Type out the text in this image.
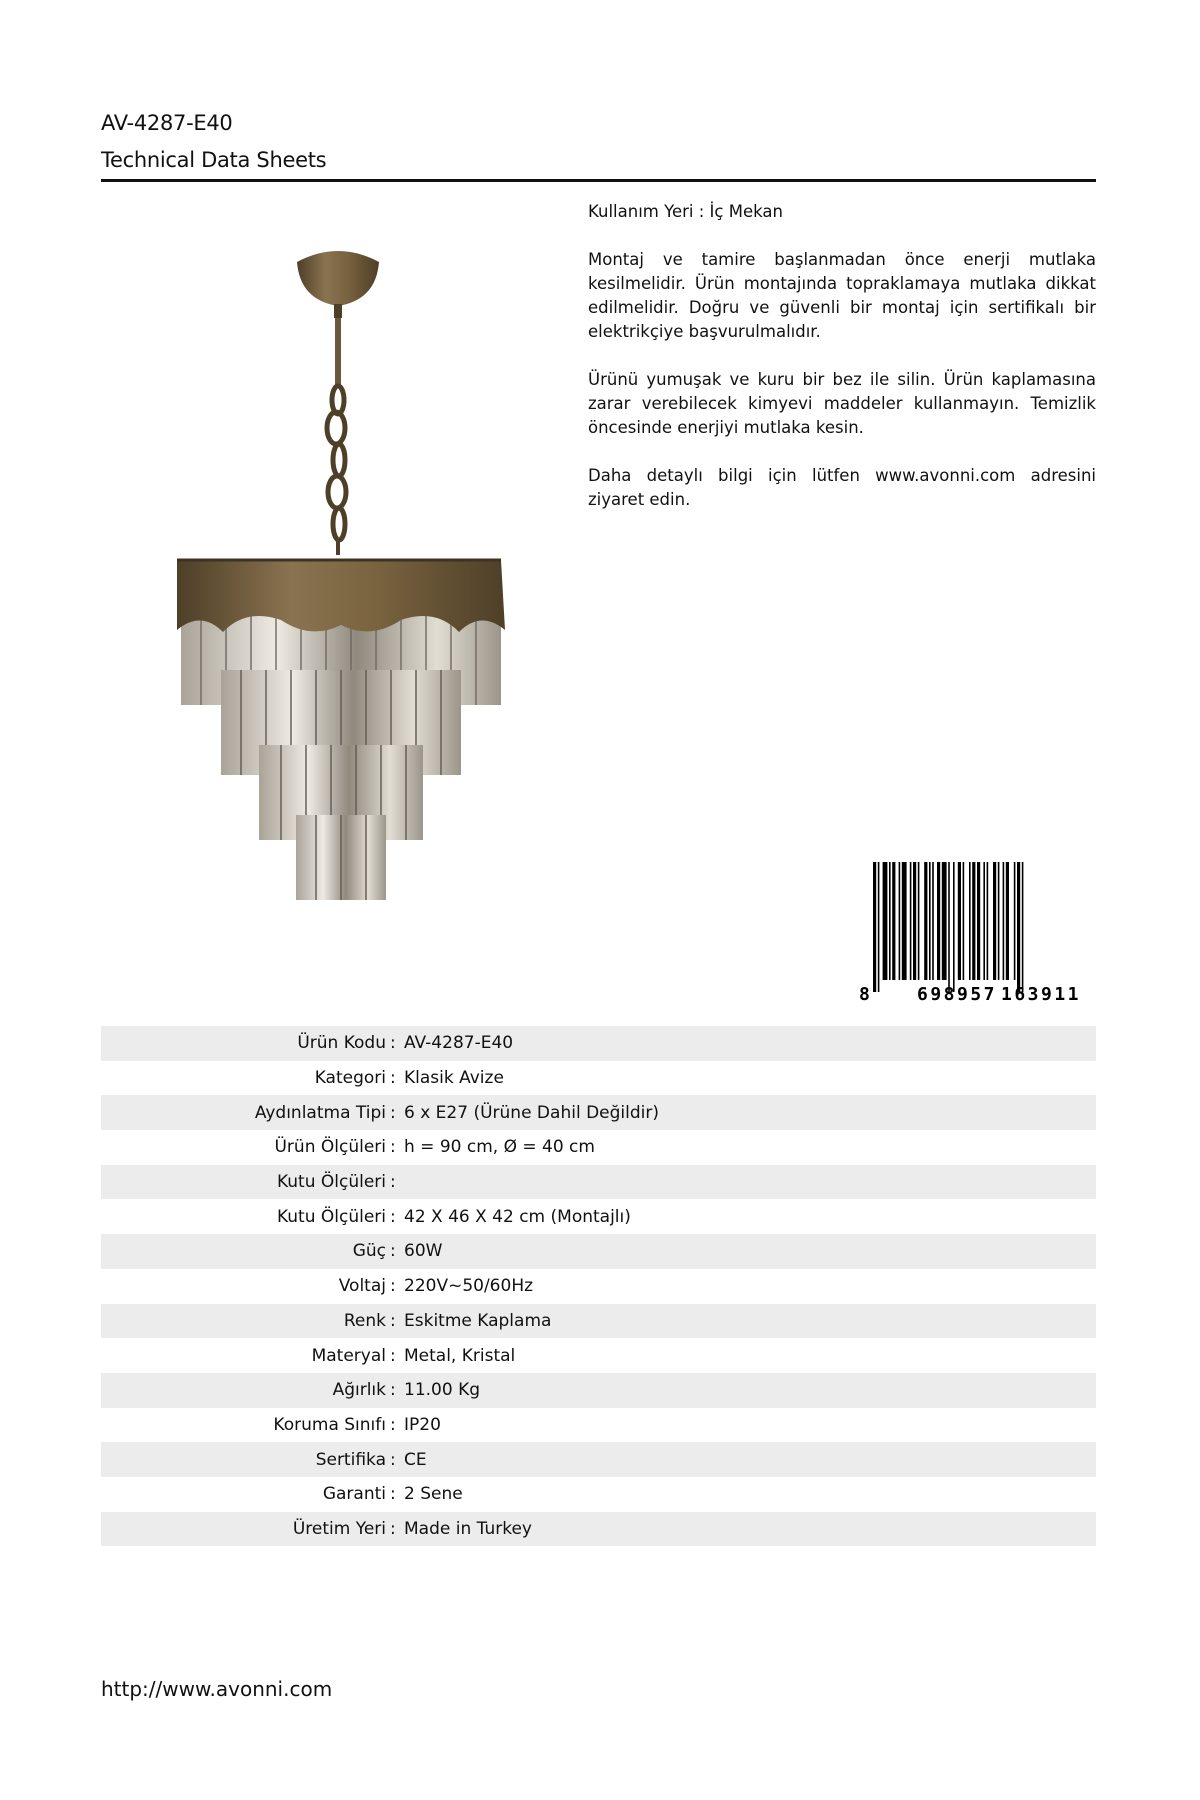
AV-4287-E40
Technical Data Sheets

Kullanım Yeri : İç Mekan

Montaj ve tamire başlanmadan önce enerji mutlaka kesilmelidir. Ürün montajında topraklamaya mutlaka dikkat edilmelidir. Doğru ve güvenli bir montaj için sertifikalı bir elektrikçiye başvurulmalıdır.

Ürünü yumuşak ve kuru bir bez ile silin. Ürün kaplamasına zarar verebilecek kimyevi maddeler kullanmayın. Temizlik öncesinde enerjiyi mutlaka kesin.

Daha detaylı bilgi için lütfen www.avonni.com adresini ziyaret edin.

8 698957 163911
Ürün Kodu	:	AV-4287-E40
Kategori	:	Klasik Avize
Aydınlatma Tipi	:	6 x E27 (Ürüne Dahil Değildir)
Ürün Ölçüleri	:	h = 90 cm, Ø = 40 cm
Kutu Ölçüleri	:	
Kutu Ölçüleri	:	42 X 46 X 42 cm (Montajlı)
Güç	:	60W
Voltaj	:	220V~50/60Hz
Renk	:	Eskitme Kaplama
Materyal	:	Metal, Kristal
Ağırlık	:	11.00 Kg
Koruma Sınıfı	:	IP20
Sertifika	:	CE
Garanti	:	2 Sene
Üretim Yeri	:	Made in Turkey
http://www.avonni.com
